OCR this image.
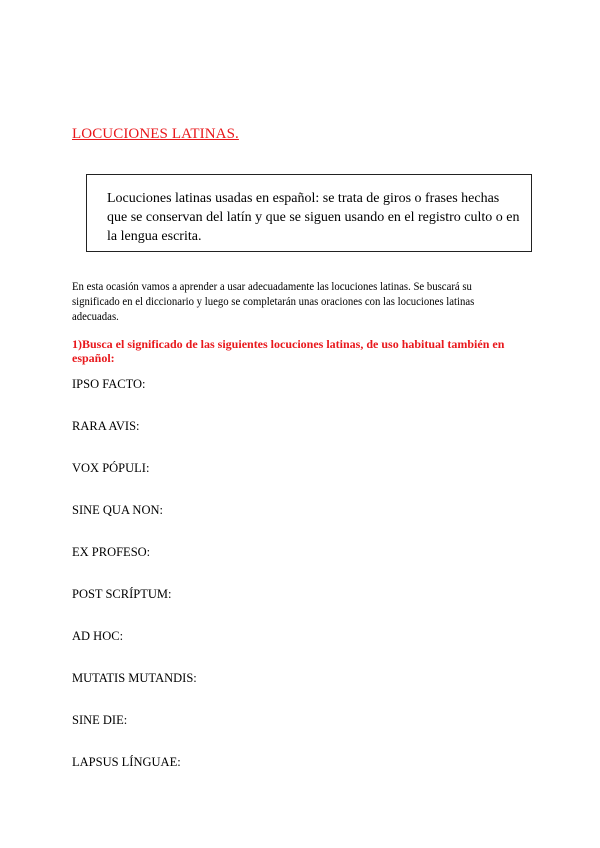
LOCUCIONES LATINAS.

Locuciones latinas usadas en español: se trata de giros o frases hechas que se conservan del latín y que se siguen usando en el registro culto o en la lengua escrita.

En esta ocasión vamos a aprender a usar adecuadamente las locuciones latinas. Se buscará su significado en el diccionario y luego se completarán unas oraciones con las locuciones latinas adecuadas.

1)Busca el significado de las siguientes locuciones latinas, de uso habitual también en español:

IPSO FACTO:
RARA AVIS:
VOX PÓPULI:
SINE QUA NON:
EX PROFESO:
POST SCRÍPTUM:
AD HOC:
MUTATIS MUTANDIS:
SINE DIE:
LAPSUS LÍNGUAE:
